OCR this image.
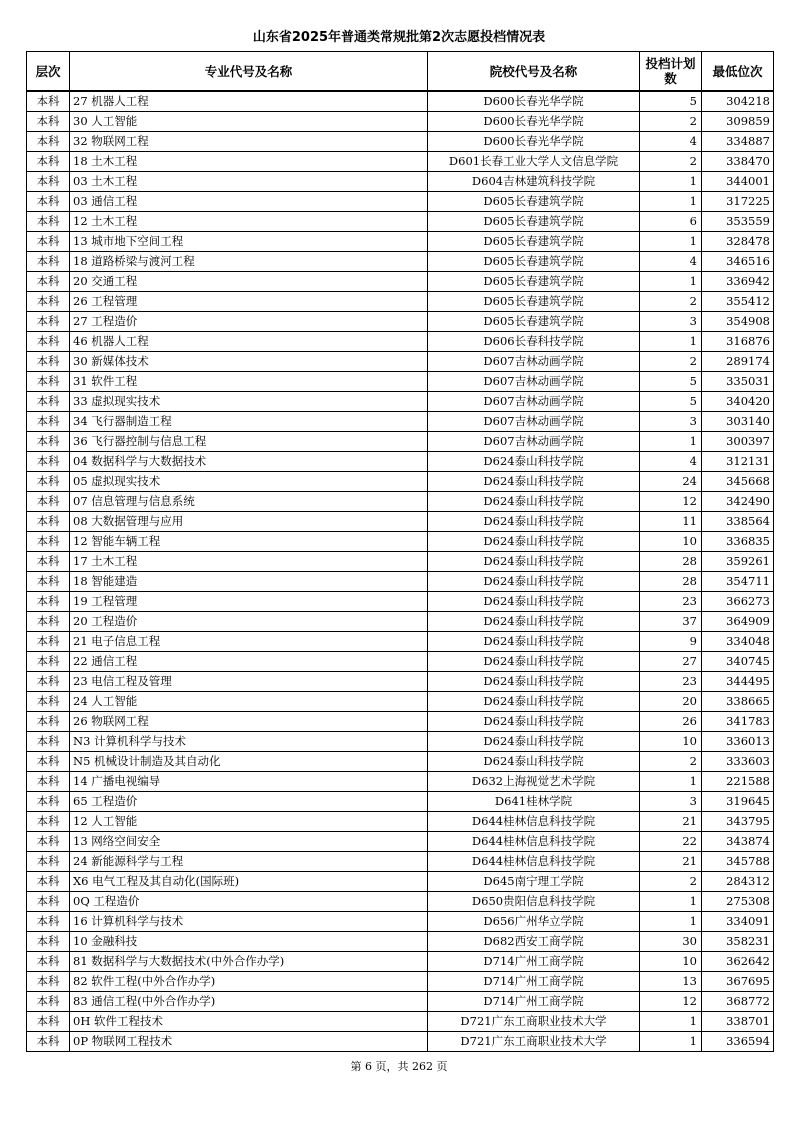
山东省2025年普通类常规批第2次志愿投档情况表
层次	专业代号及名称	院校代号及名称	投档计划数	最低位次
本科	27 机器人工程	D600长春光华学院	5	304218
本科	30 人工智能	D600长春光华学院	2	309859
本科	32 物联网工程	D600长春光华学院	4	334887
本科	18 土木工程	D601长春工业大学人文信息学院	2	338470
本科	03 土木工程	D604吉林建筑科技学院	1	344001
本科	03 通信工程	D605长春建筑学院	1	317225
本科	12 土木工程	D605长春建筑学院	6	353559
本科	13 城市地下空间工程	D605长春建筑学院	1	328478
本科	18 道路桥梁与渡河工程	D605长春建筑学院	4	346516
本科	20 交通工程	D605长春建筑学院	1	336942
本科	26 工程管理	D605长春建筑学院	2	355412
本科	27 工程造价	D605长春建筑学院	3	354908
本科	46 机器人工程	D606长春科技学院	1	316876
本科	30 新媒体技术	D607吉林动画学院	2	289174
本科	31 软件工程	D607吉林动画学院	5	335031
本科	33 虚拟现实技术	D607吉林动画学院	5	340420
本科	34 飞行器制造工程	D607吉林动画学院	3	303140
本科	36 飞行器控制与信息工程	D607吉林动画学院	1	300397
本科	04 数据科学与大数据技术	D624泰山科技学院	4	312131
本科	05 虚拟现实技术	D624泰山科技学院	24	345668
本科	07 信息管理与信息系统	D624泰山科技学院	12	342490
本科	08 大数据管理与应用	D624泰山科技学院	11	338564
本科	12 智能车辆工程	D624泰山科技学院	10	336835
本科	17 土木工程	D624泰山科技学院	28	359261
本科	18 智能建造	D624泰山科技学院	28	354711
本科	19 工程管理	D624泰山科技学院	23	366273
本科	20 工程造价	D624泰山科技学院	37	364909
本科	21 电子信息工程	D624泰山科技学院	9	334048
本科	22 通信工程	D624泰山科技学院	27	340745
本科	23 电信工程及管理	D624泰山科技学院	23	344495
本科	24 人工智能	D624泰山科技学院	20	338665
本科	26 物联网工程	D624泰山科技学院	26	341783
本科	N3 计算机科学与技术	D624泰山科技学院	10	336013
本科	N5 机械设计制造及其自动化	D624泰山科技学院	2	333603
本科	14 广播电视编导	D632上海视觉艺术学院	1	221588
本科	65 工程造价	D641桂林学院	3	319645
本科	12 人工智能	D644桂林信息科技学院	21	343795
本科	13 网络空间安全	D644桂林信息科技学院	22	343874
本科	24 新能源科学与工程	D644桂林信息科技学院	21	345788
本科	X6 电气工程及其自动化(国际班)	D645南宁理工学院	2	284312
本科	0Q 工程造价	D650贵阳信息科技学院	1	275308
本科	16 计算机科学与技术	D656广州华立学院	1	334091
本科	10 金融科技	D682西安工商学院	30	358231
本科	81 数据科学与大数据技术(中外合作办学)	D714广州工商学院	10	362642
本科	82 软件工程(中外合作办学)	D714广州工商学院	13	367695
本科	83 通信工程(中外合作办学)	D714广州工商学院	12	368772
本科	0H 软件工程技术	D721广东工商职业技术大学	1	338701
本科	0P 物联网工程技术	D721广东工商职业技术大学	1	336594
第 6 页，共 262 页
